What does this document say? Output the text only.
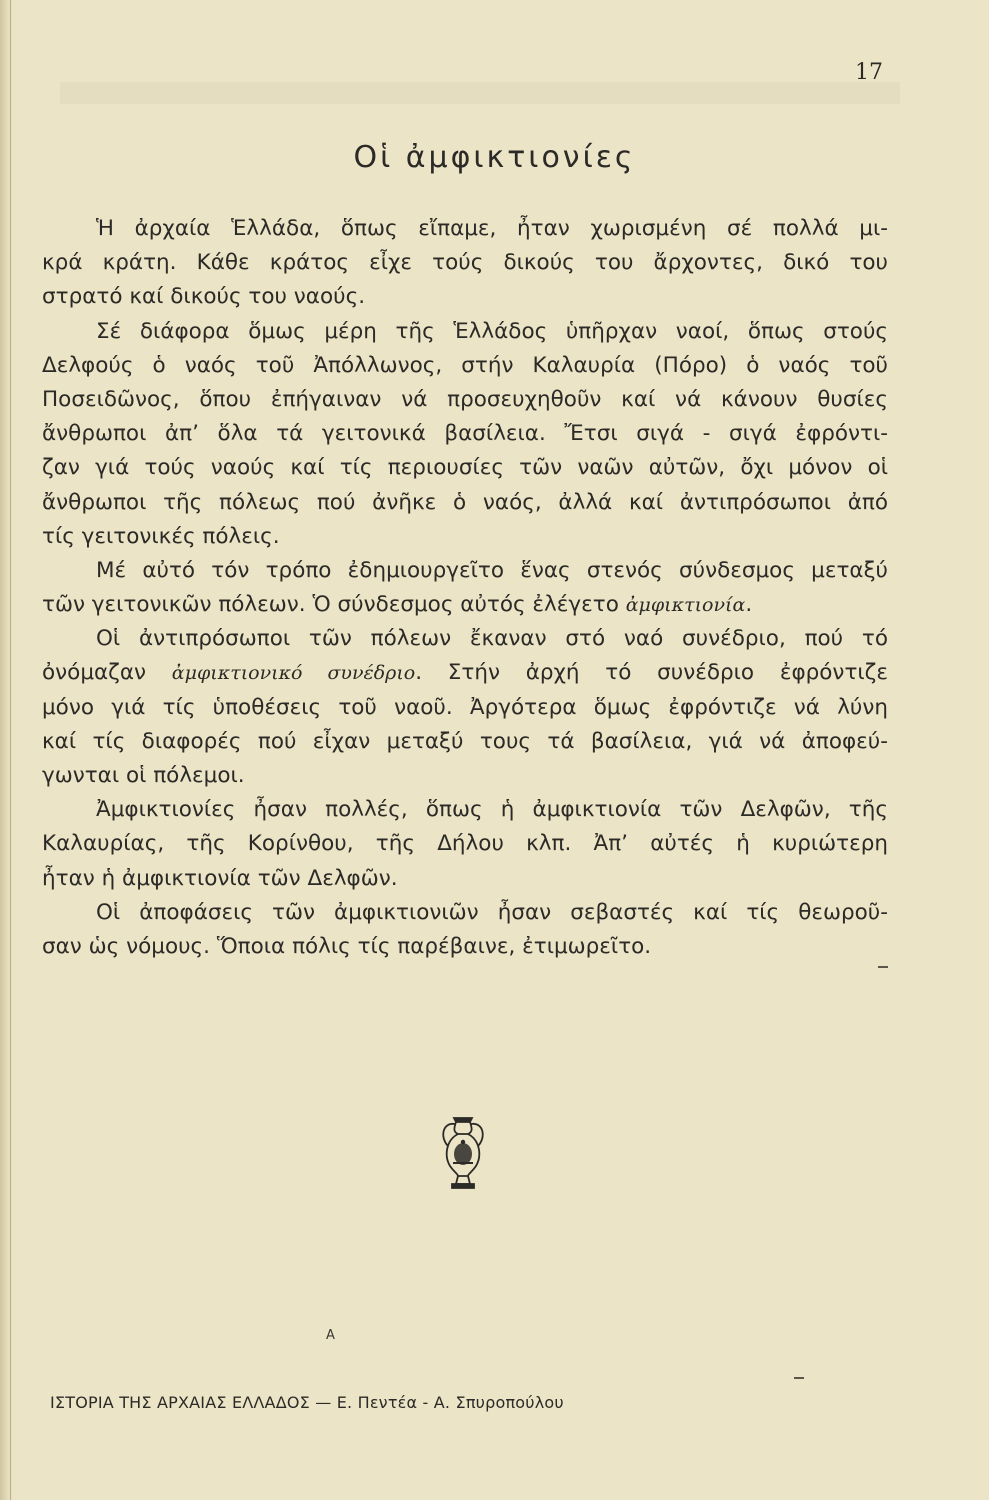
17
Οἱ ἀμφικτιονίες
Ἡ ἀρχαία Ἑλλάδα, ὅπως εἴπαμε, ἦταν χωρισμένη σέ πολλά μι-
κρά κράτη. Κάθε κράτος εἶχε τούς δικούς του ἄρχοντες, δικό του
στρατό καί δικούς του ναούς.
Σέ διάφορα ὅμως μέρη τῆς Ἑλλάδος ὑπῆρχαν ναοί, ὅπως στούς
Δελφούς ὁ ναός τοῦ Ἀπόλλωνος, στήν Καλαυρία (Πόρο) ὁ ναός τοῦ
Ποσειδῶνος, ὅπου ἐπήγαιναν νά προσευχηθοῦν καί νά κάνουν θυσίες
ἄνθρωποι ἀπ’ ὅλα τά γειτονικά βασίλεια. Ἔτσι σιγά - σιγά ἐφρόντι-
ζαν γιά τούς ναούς καί τίς περιουσίες τῶν ναῶν αὐτῶν, ὄχι μόνον οἱ
ἄνθρωποι τῆς πόλεως πού ἀνῆκε ὁ ναός, ἀλλά καί ἀντιπρόσωποι ἀπό
τίς γειτονικές πόλεις.
Μέ αὐτό τόν τρόπο ἐδημιουργεῖτο ἕνας στενός σύνδεσμος μεταξύ
τῶν γειτονικῶν πόλεων. Ὁ σύνδεσμος αὐτός ἐλέγετο ἀμφικτιονία.
Οἱ ἀντιπρόσωποι τῶν πόλεων ἔκαναν στό ναό συνέδριο, πού τό
ὀνόμαζαν ἀμφικτιονικό συνέδριο. Στήν ἀρχή τό συνέδριο ἐφρόντιζε
μόνο γιά τίς ὑποθέσεις τοῦ ναοῦ. Ἀργότερα ὅμως ἐφρόντιζε νά λύνη
καί τίς διαφορές πού εἶχαν μεταξύ τους τά βασίλεια, γιά νά ἀποφεύ-
γωνται οἱ πόλεμοι.
Ἀμφικτιονίες ἦσαν πολλές, ὅπως ἡ ἀμφικτιονία τῶν Δελφῶν, τῆς
Καλαυρίας, τῆς Κορίνθου, τῆς Δήλου κλπ. Ἀπ’ αὐτές ἡ κυριώτερη
ἦταν ἡ ἀμφικτιονία τῶν Δελφῶν.
Οἱ ἀποφάσεις τῶν ἀμφικτιονιῶν ἦσαν σεβαστές καί τίς θεωροῦ-
σαν ὡς νόμους. Ὅποια πόλις τίς παρέβαινε, ἐτιμωρεῖτο.
Α
ΙΣΤΟΡΙΑ ΤΗΣ ΑΡΧΑΙΑΣ ΕΛΛΑΔΟΣ — Ε. Πεντέα - Α. Σπυροπούλου
